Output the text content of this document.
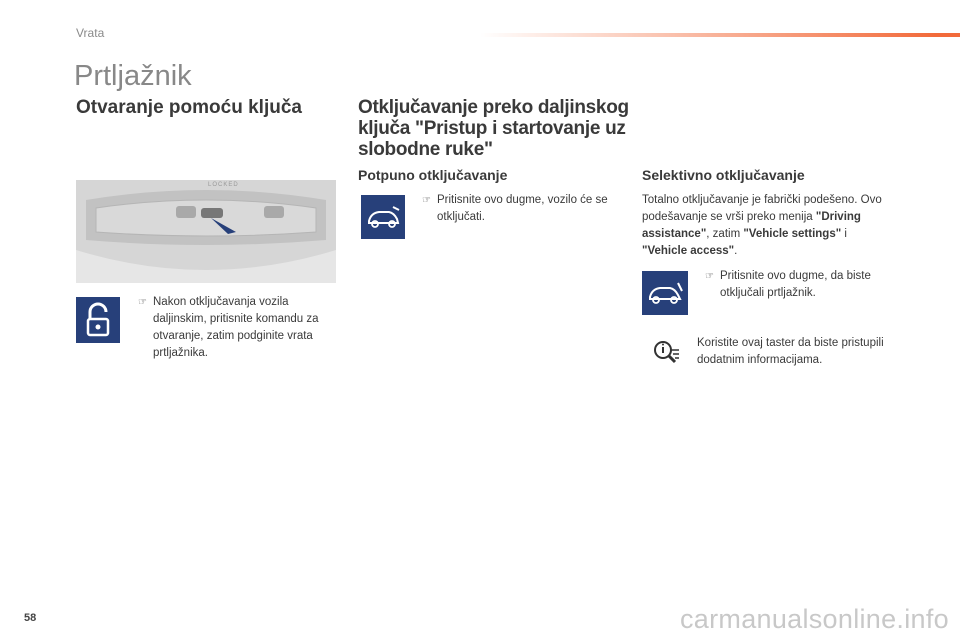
Vrata
Prtljažnik
Otvaranje pomoću ključa
LOCKED
☞ Nakon otključavanja vozila daljinskim, pritisnite komandu za otvaranje, zatim podginite vrata prtljažnika.
Otključavanje preko daljinskog ključa "Pristup i startovanje uz slobodne ruke"
Potpuno otključavanje
☞ Pritisnite ovo dugme, vozilo će se otključati.
Selektivno otključavanje
Totalno otključavanje je fabrički podešeno. Ovo podešavanje se vrši preko menija "Driving assistance", zatim "Vehicle settings" i "Vehicle access".
☞ Pritisnite ovo dugme, da biste otključali prtljažnik.
Koristite ovaj taster da biste pristupili dodatnim informacijama.
58	carmanualsonline.info
